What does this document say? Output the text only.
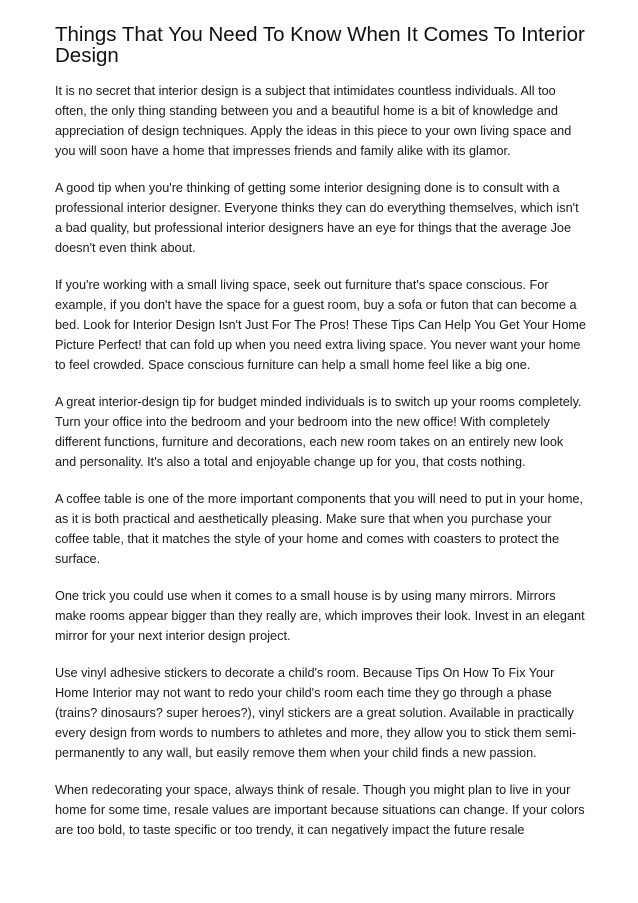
Things That You Need To Know When It Comes To Interior Design

It is no secret that interior design is a subject that intimidates countless individuals. All too often, the only thing standing between you and a beautiful home is a bit of knowledge and appreciation of design techniques. Apply the ideas in this piece to your own living space and you will soon have a home that impresses friends and family alike with its glamor.

A good tip when you're thinking of getting some interior designing done is to consult with a professional interior designer. Everyone thinks they can do everything themselves, which isn't a bad quality, but professional interior designers have an eye for things that the average Joe doesn't even think about.

If you're working with a small living space, seek out furniture that's space conscious. For example, if you don't have the space for a guest room, buy a sofa or futon that can become a bed. Look for Interior Design Isn't Just For The Pros! These Tips Can Help You Get Your Home Picture Perfect! that can fold up when you need extra living space. You never want your home to feel crowded. Space conscious furniture can help a small home feel like a big one.

A great interior-design tip for budget minded individuals is to switch up your rooms completely. Turn your office into the bedroom and your bedroom into the new office! With completely different functions, furniture and decorations, each new room takes on an entirely new look and personality. It's also a total and enjoyable change up for you, that costs nothing.

A coffee table is one of the more important components that you will need to put in your home, as it is both practical and aesthetically pleasing. Make sure that when you purchase your coffee table, that it matches the style of your home and comes with coasters to protect the surface.

One trick you could use when it comes to a small house is by using many mirrors. Mirrors make rooms appear bigger than they really are, which improves their look. Invest in an elegant mirror for your next interior design project.

Use vinyl adhesive stickers to decorate a child's room. Because Tips On How To Fix Your Home Interior may not want to redo your child's room each time they go through a phase (trains? dinosaurs? super heroes?), vinyl stickers are a great solution. Available in practically every design from words to numbers to athletes and more, they allow you to stick them semi-permanently to any wall, but easily remove them when your child finds a new passion.

When redecorating your space, always think of resale. Though you might plan to live in your home for some time, resale values are important because situations can change. If your colors are too bold, to taste specific or too trendy, it can negatively impact the future resale
